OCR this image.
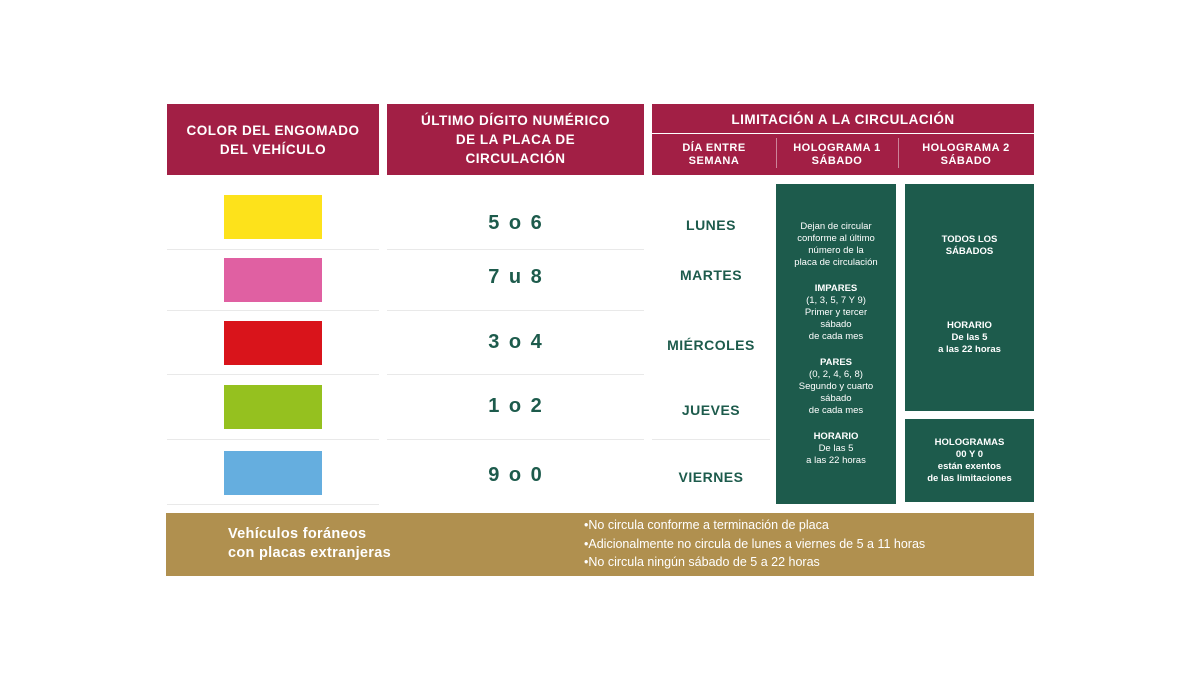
COLOR DEL ENGOMADO
DEL VEHÍCULO
ÚLTIMO DÍGITO NUMÉRICO
DE LA PLACA DE
CIRCULACIÓN
LIMITACIÓN A LA CIRCULACIÓN
DÍA ENTRE
SEMANA
HOLOGRAMA 1
SÁBADO
HOLOGRAMA 2
SÁBADO
5 o 6
7 u 8
3 o 4
1 o 2
9 o 0
LUNES
MARTES
MIÉRCOLES
JUEVES
VIERNES
Dejan de circular
conforme al último
número de la
placa de circulación
IMPARES
(1, 3, 5, 7 Y 9)
Primer y tercer
sábado
de cada mes
PARES
(0, 2, 4, 6, 8)
Segundo y cuarto
sábado
de cada mes
HORARIO
De las 5
a las 22 horas
TODOS LOS
SÁBADOS
HORARIO
De las 5
a las 22 horas
HOLOGRAMAS
00 Y 0
están exentos
de las limitaciones
Vehículos foráneos
con placas extranjeras
•No circula conforme a terminación de placa
•Adicionalmente no circula de lunes a viernes de 5 a 11 horas
•No circula ningún sábado de 5 a 22 horas
